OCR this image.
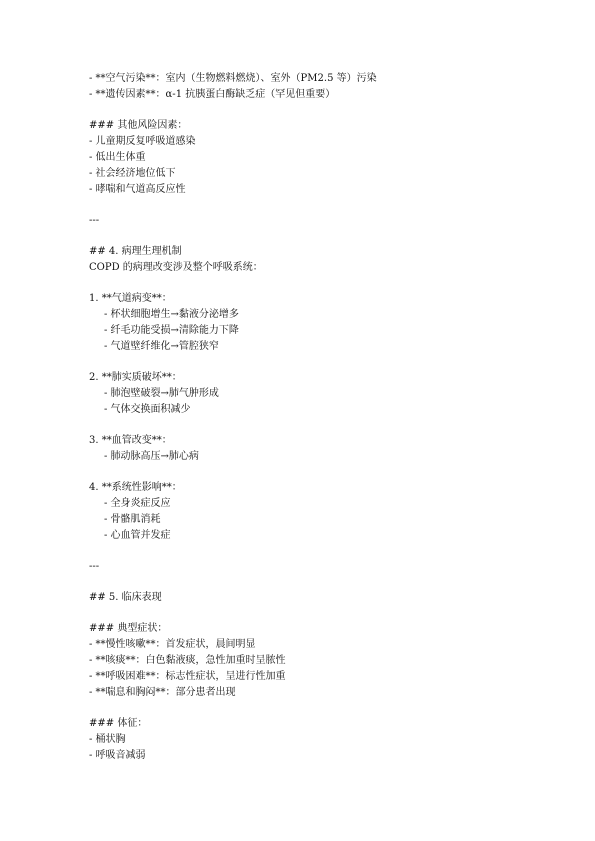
- **空气污染**：室内（生物燃料燃烧）、室外（PM2.5 等）污染
- **遗传因素**：α-1 抗胰蛋白酶缺乏症（罕见但重要）
### 其他风险因素：
- 儿童期反复呼吸道感染
- 低出生体重
- 社会经济地位低下
- 哮喘和气道高反应性
---
## 4. 病理生理机制
COPD 的病理改变涉及整个呼吸系统：
1. **气道病变**：
- 杯状细胞增生→黏液分泌增多
- 纤毛功能受损→清除能力下降
- 气道壁纤维化→管腔狭窄
2. **肺实质破坏**：
- 肺泡壁破裂→肺气肿形成
- 气体交换面积减少
3. **血管改变**：
- 肺动脉高压→肺心病
4. **系统性影响**：
- 全身炎症反应
- 骨骼肌消耗
- 心血管并发症
---
## 5. 临床表现
### 典型症状：
- **慢性咳嗽**：首发症状，晨间明显
- **咳痰**：白色黏液痰，急性加重时呈脓性
- **呼吸困难**：标志性症状，呈进行性加重
- **喘息和胸闷**：部分患者出现
### 体征：
- 桶状胸
- 呼吸音减弱
